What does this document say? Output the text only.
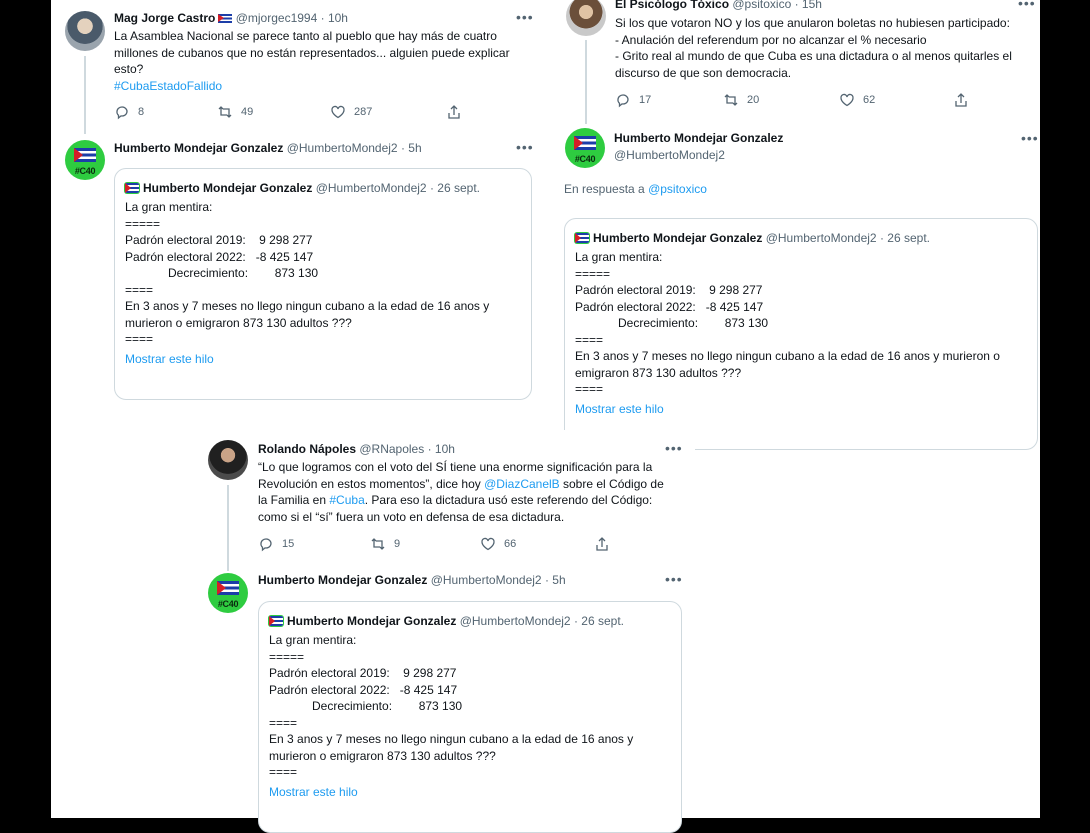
Mag Jorge Castro @mjorgec1994 · 10h	•••
La Asamblea Nacional se parece tanto al pueblo que hay más de cuatro
millones de cubanos que no están representados... alguien puede explicar
esto?
#CubaEstadoFallido
8	49	287
#C40
Humberto Mondejar Gonzalez @HumbertoMondej2 · 5h	•••
Humberto Mondejar Gonzalez @HumbertoMondej2 · 26 sept.
La gran mentira:
=====
Padrón electoral 2019:    9 298 277
Padrón electoral 2022:   -8 425 147
Decrecimiento:        873 130
====
En 3 anos y 7 meses no llego ningun cubano a la edad de 16 anos y
murieron o emigraron 873 130 adultos ???
====
Mostrar este hilo
El Psicólogo Tóxico @psitoxico · 15h	•••
Si los que votaron NO y los que anularon boletas no hubiesen participado:
- Anulación del referendum por no alcanzar el % necesario
- Grito real al mundo de que Cuba es una dictadura o al menos quitarles el
discurso de que son democracia.
17	20	62
#C40
Humberto Mondejar Gonzalez
@HumbertoMondej2
•••
En respuesta a @psitoxico
Humberto Mondejar Gonzalez @HumbertoMondej2 · 26 sept.
La gran mentira:
=====
Padrón electoral 2019:    9 298 277
Padrón electoral 2022:   -8 425 147
Decrecimiento:        873 130
====
En 3 anos y 7 meses no llego ningun cubano a la edad de 16 anos y murieron o
emigraron 873 130 adultos ???
====
Mostrar este hilo
Rolando Nápoles @RNapoles · 10h	•••
“Lo que logramos con el voto del SÍ tiene una enorme significación para la
Revolución en estos momentos”, dice hoy @DiazCanelB sobre el Código de
la Familia en #Cuba. Para eso la dictadura usó este referendo del Código:
como si el “sí” fuera un voto en defensa de esa dictadura.
15	9	66
#C40
Humberto Mondejar Gonzalez @HumbertoMondej2 · 5h	•••
Humberto Mondejar Gonzalez @HumbertoMondej2 · 26 sept.
La gran mentira:
=====
Padrón electoral 2019:    9 298 277
Padrón electoral 2022:   -8 425 147
Decrecimiento:        873 130
====
En 3 anos y 7 meses no llego ningun cubano a la edad de 16 anos y
murieron o emigraron 873 130 adultos ???
====
Mostrar este hilo
